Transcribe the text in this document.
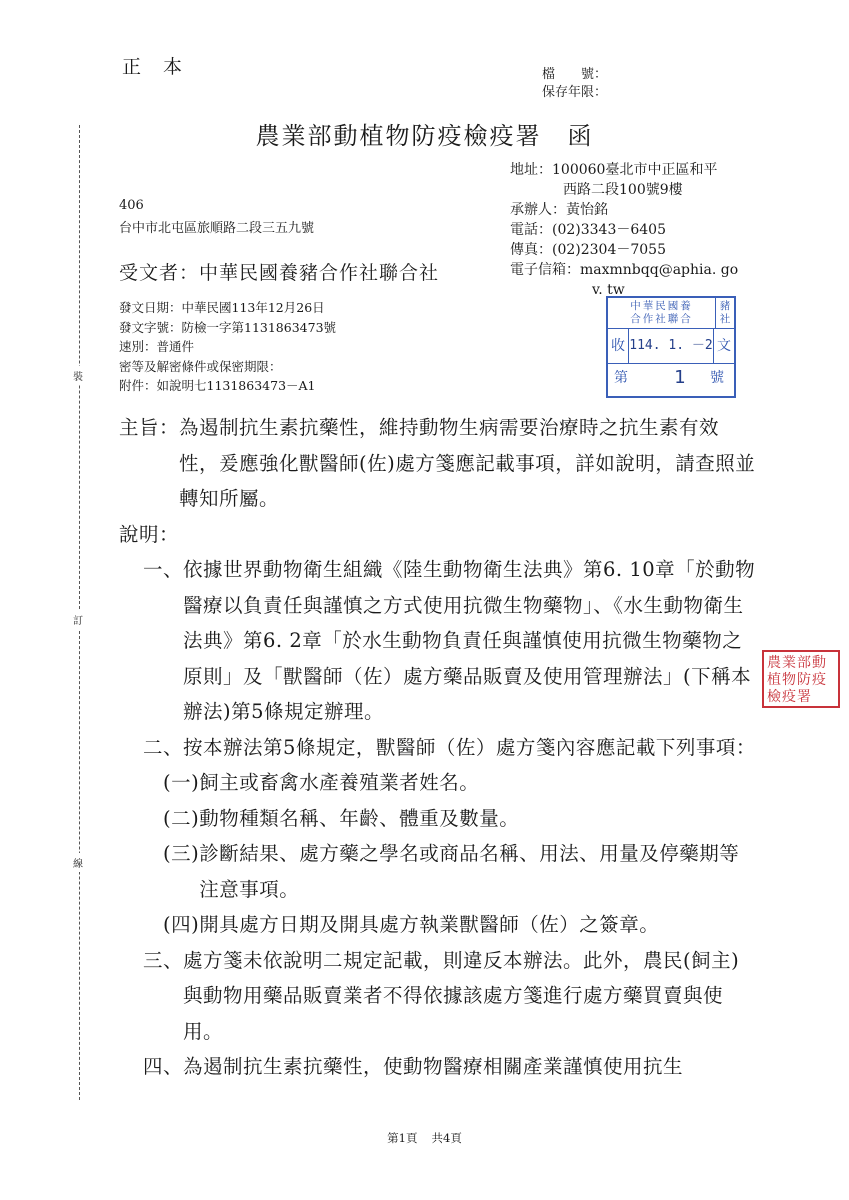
正本	檔　　號：
保存年限：
裝
訂
線
農業部動植物防疫檢疫署 函
地址：100060臺北市中正區和平
西路二段100號9樓
承辦人：黃怡銘
電話：(02)3343－6405
傳真：(02)2304－7055
電子信箱：maxmnbqq@aphia. go
v. tw
406
台中市北屯區旅順路二段三五九號
受文者：中華民國養豬合作社聯合社
發文日期：中華民國113年12月26日
發文字號：防檢一字第1131863473號
速別：普通件
密等及解密條件或保密期限：
附件：如說明七1131863473－A1
中華民國養
合作社聯合
豬
社
收 114. 1. －2 文
第	1	號
農業部動植物防疫檢疫署
主旨： 為遏制抗生素抗藥性，維持動物生病需要治療時之抗生素有效性，爰應強化獸醫師(佐)處方箋應記載事項，詳如說明，請查照並轉知所屬。

說明：

一、 依據世界動物衛生組織《陸生動物衛生法典》第6. 10章「於動物醫療以負責任與謹慎之方式使用抗微生物藥物」、《水生動物衛生法典》第6. 2章「於水生動物負責任與謹慎使用抗微生物藥物之原則」及「獸醫師（佐）處方藥品販賣及使用管理辦法」(下稱本辦法)第5條規定辦理。
二、 按本辦法第5條規定，獸醫師（佐）處方箋內容應記載下列事項：
(一) 飼主或畜禽水產養殖業者姓名。
(二) 動物種類名稱、年齡、體重及數量。
(三) 診斷結果、處方藥之學名或商品名稱、用法、用量及停藥期等注意事項。
(四) 開具處方日期及開具處方執業獸醫師（佐）之簽章。
三、 處方箋未依說明二規定記載，則違反本辦法。此外，農民(飼主)與動物用藥品販賣業者不得依據該處方箋進行處方藥買賣與使用。
四、 為遏制抗生素抗藥性，使動物醫療相關產業謹慎使用抗生
第1頁 共4頁
